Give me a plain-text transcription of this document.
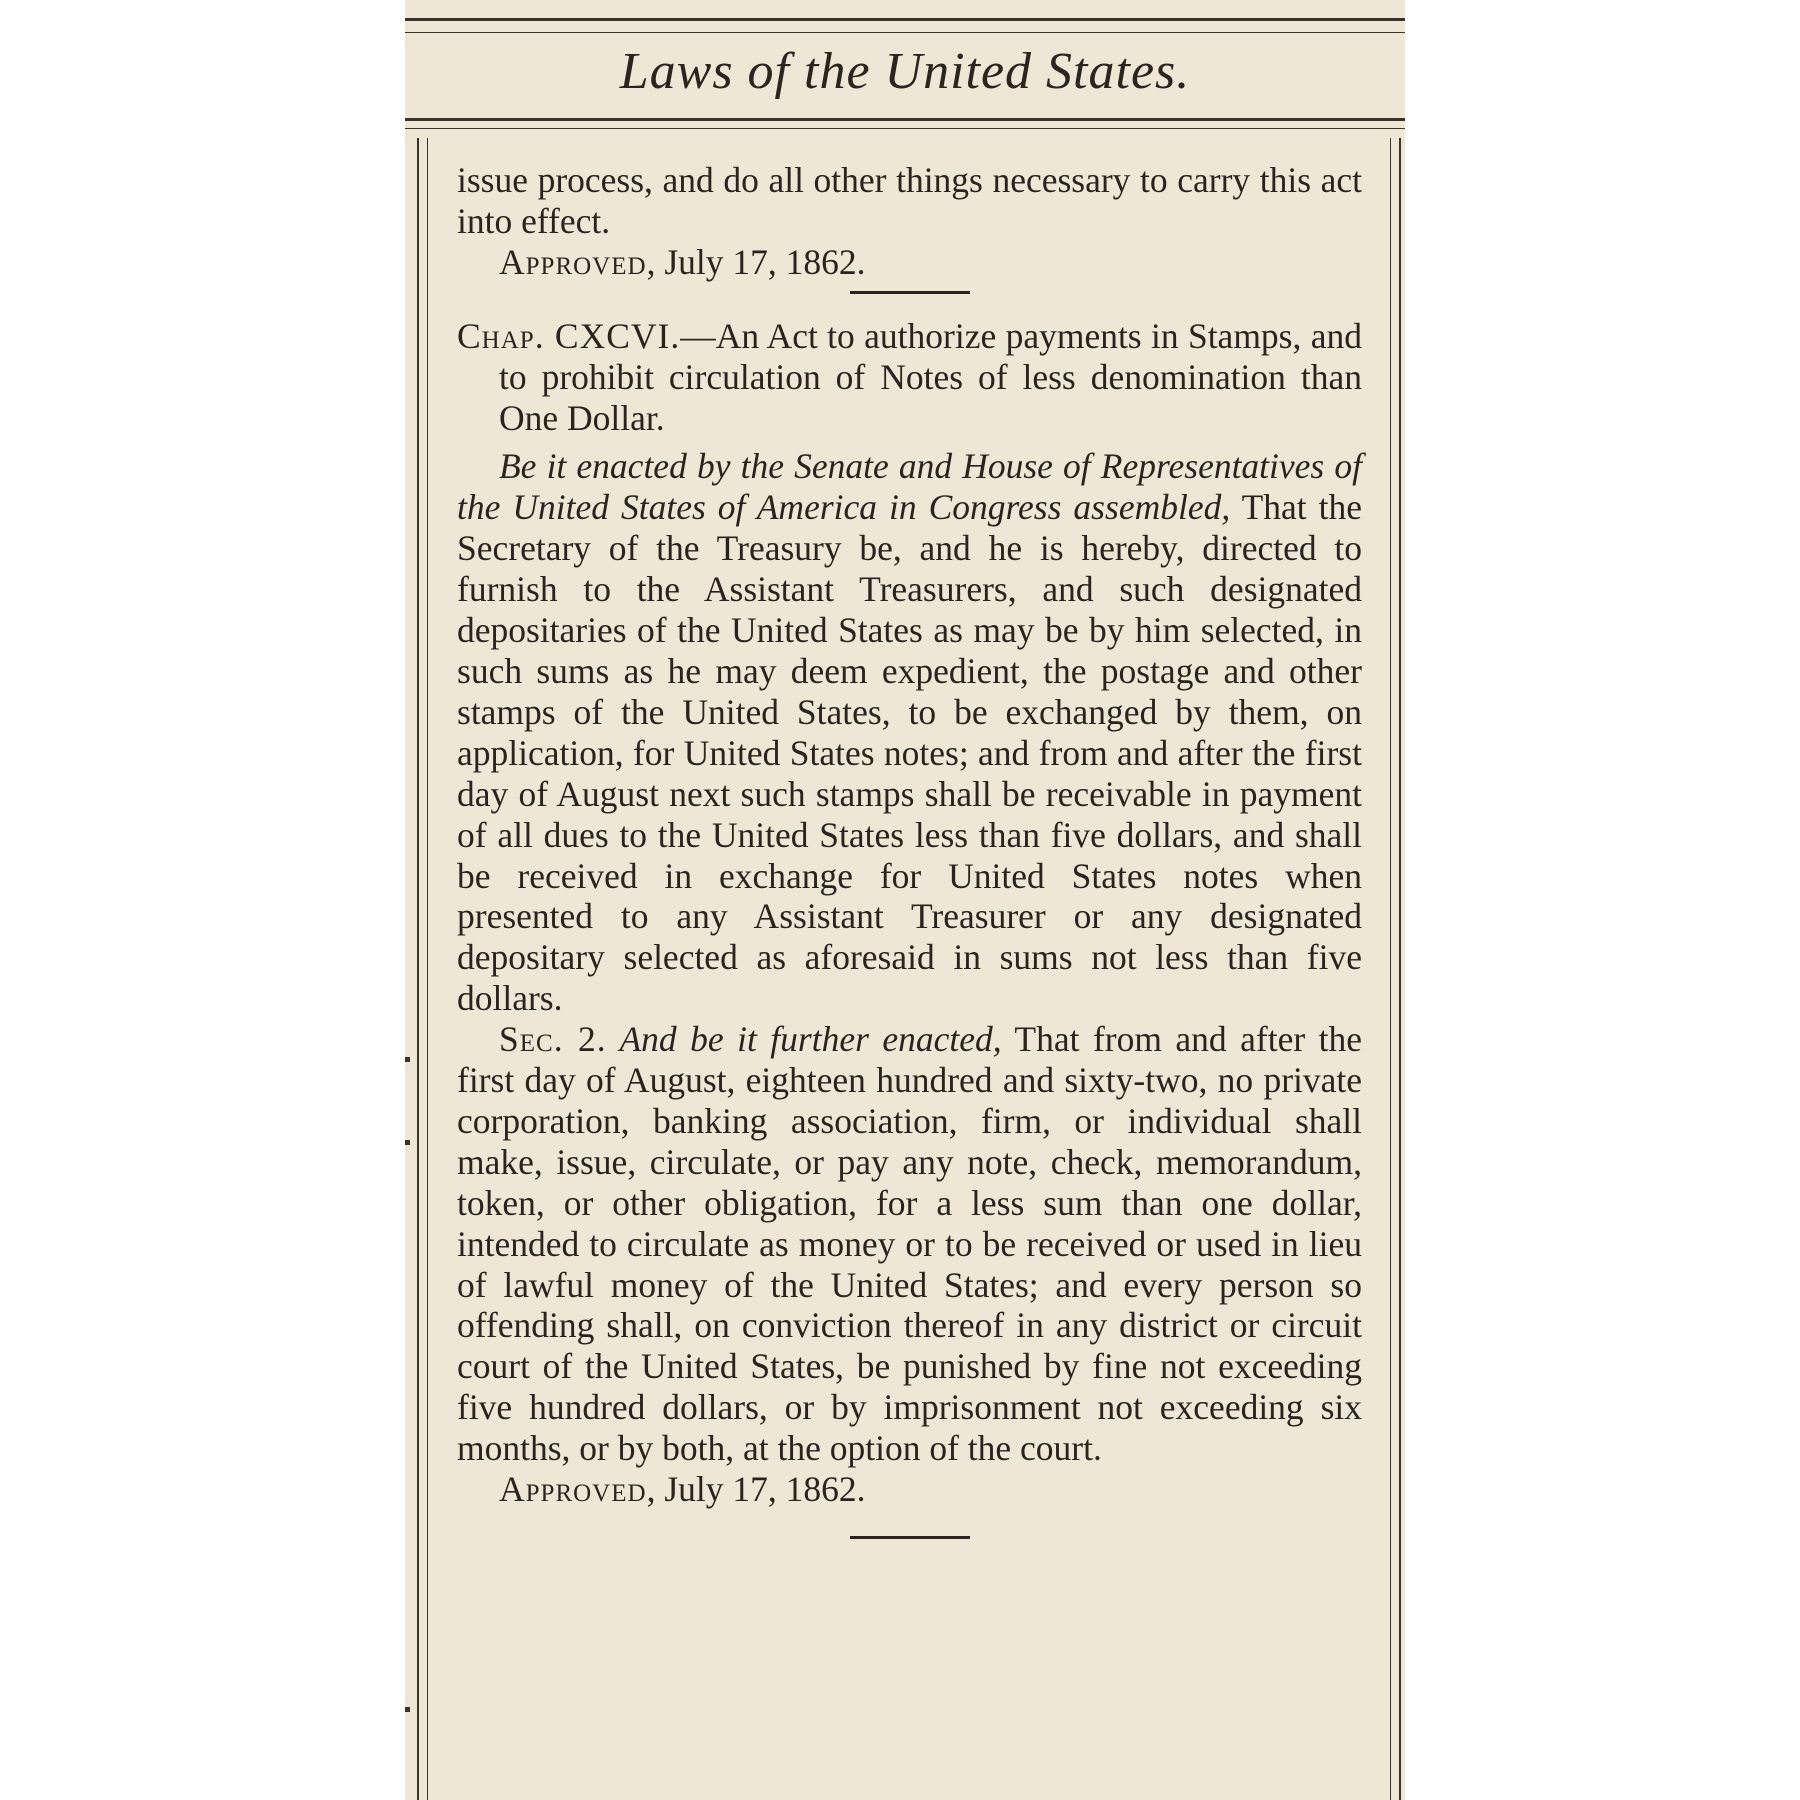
Laws of the United States.

issue process, and do all other things necessary to carry this act into effect.

Approved, July 17, 1862.

Chap. CXCVI.—An Act to authorize payments in Stamps, and to prohibit circulation of Notes of less denomination than One Dollar.

Be it enacted by the Senate and House of Representatives of the United States of America in Congress assembled, That the Secretary of the Treasury be, and he is hereby, directed to furnish to the Assistant Treasurers, and such designated depositaries of the United States as may be by him selected, in such sums as he may deem expedient, the postage and other stamps of the United States, to be exchanged by them, on application, for United States notes; and from and after the first day of August next such stamps shall be receivable in payment of all dues to the United States less than five dollars, and shall be received in exchange for United States notes when presented to any Assistant Treasurer or any designated depositary selected as aforesaid in sums not less than five dollars.

Sec. 2. And be it further enacted, That from and after the first day of August, eighteen hundred and sixty-two, no private corporation, banking association, firm, or individual shall make, issue, circulate, or pay any note, check, memorandum, token, or other obligation, for a less sum than one dollar, intended to circulate as money or to be received or used in lieu of lawful money of the United States; and every person so offending shall, on conviction thereof in any district or circuit court of the United States, be punished by fine not exceeding five hundred dollars, or by imprisonment not exceeding six months, or by both, at the option of the court.

Approved, July 17, 1862.
